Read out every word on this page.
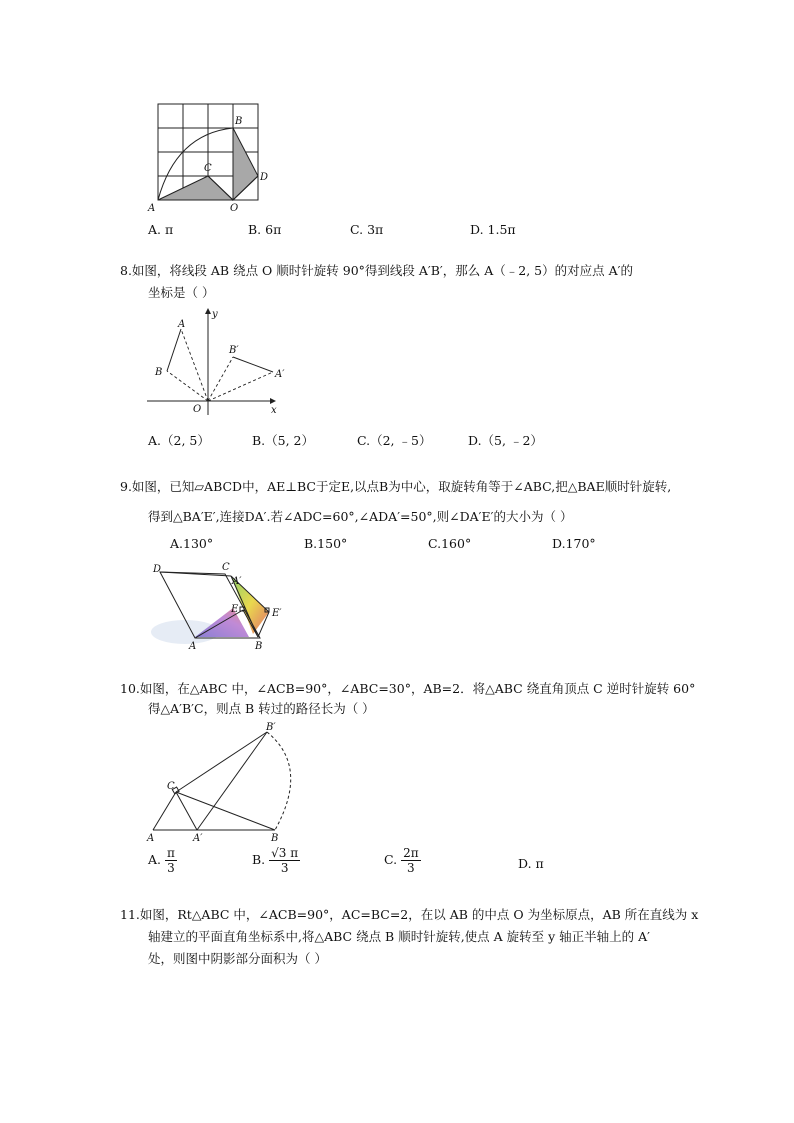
A
B
C
D
O
A. π	B. 6π	C. 3π	D. 1.5π
8.如图，将线段 AB 绕点 O 顺时针旋转 90°得到线段 A′B′，那么 A（﹣2, 5）的对应点 A′的
坐标是（ ）
A
B
B′
A′
O	x
y
A.（2, 5）	B.（5, 2）	C.（2, ﹣5）	D.（5, ﹣2）
9.如图，已知▱ABCD中，AE⊥BC于定E,以点B为中心，取旋转角等于∠ABC,把△BAE顺时针旋转,
得到△BA′E′,连接DA′.若∠ADC=60°,∠ADA′=50°,则∠DA′E′的大小为（ ）
A.130°	B.150°	C.160°	D.170°
D	C
A′
E	E′
A	B
10.如图，在△ABC 中，∠ACB=90°，∠ABC=30°，AB=2．将△ABC 绕直角顶点 C 逆时针旋转 60°
得△A′B′C，则点 B 转过的路径长为（ ）
B′
C
A	A′	B
A. $\frac{\pi}{3}$	B. $\frac{√3 \pi}{3}$	C. $\frac{2\pi}{3}$	D. π
11.如图，Rt△ABC 中，∠ACB=90°，AC=BC=2，在以 AB 的中点 O 为坐标原点，AB 所在直线为 x
轴建立的平面直角坐标系中,将△ABC 绕点 B 顺时针旋转,使点 A 旋转至 y 轴正半轴上的 A′
处，则图中阴影部分面积为（ ）
